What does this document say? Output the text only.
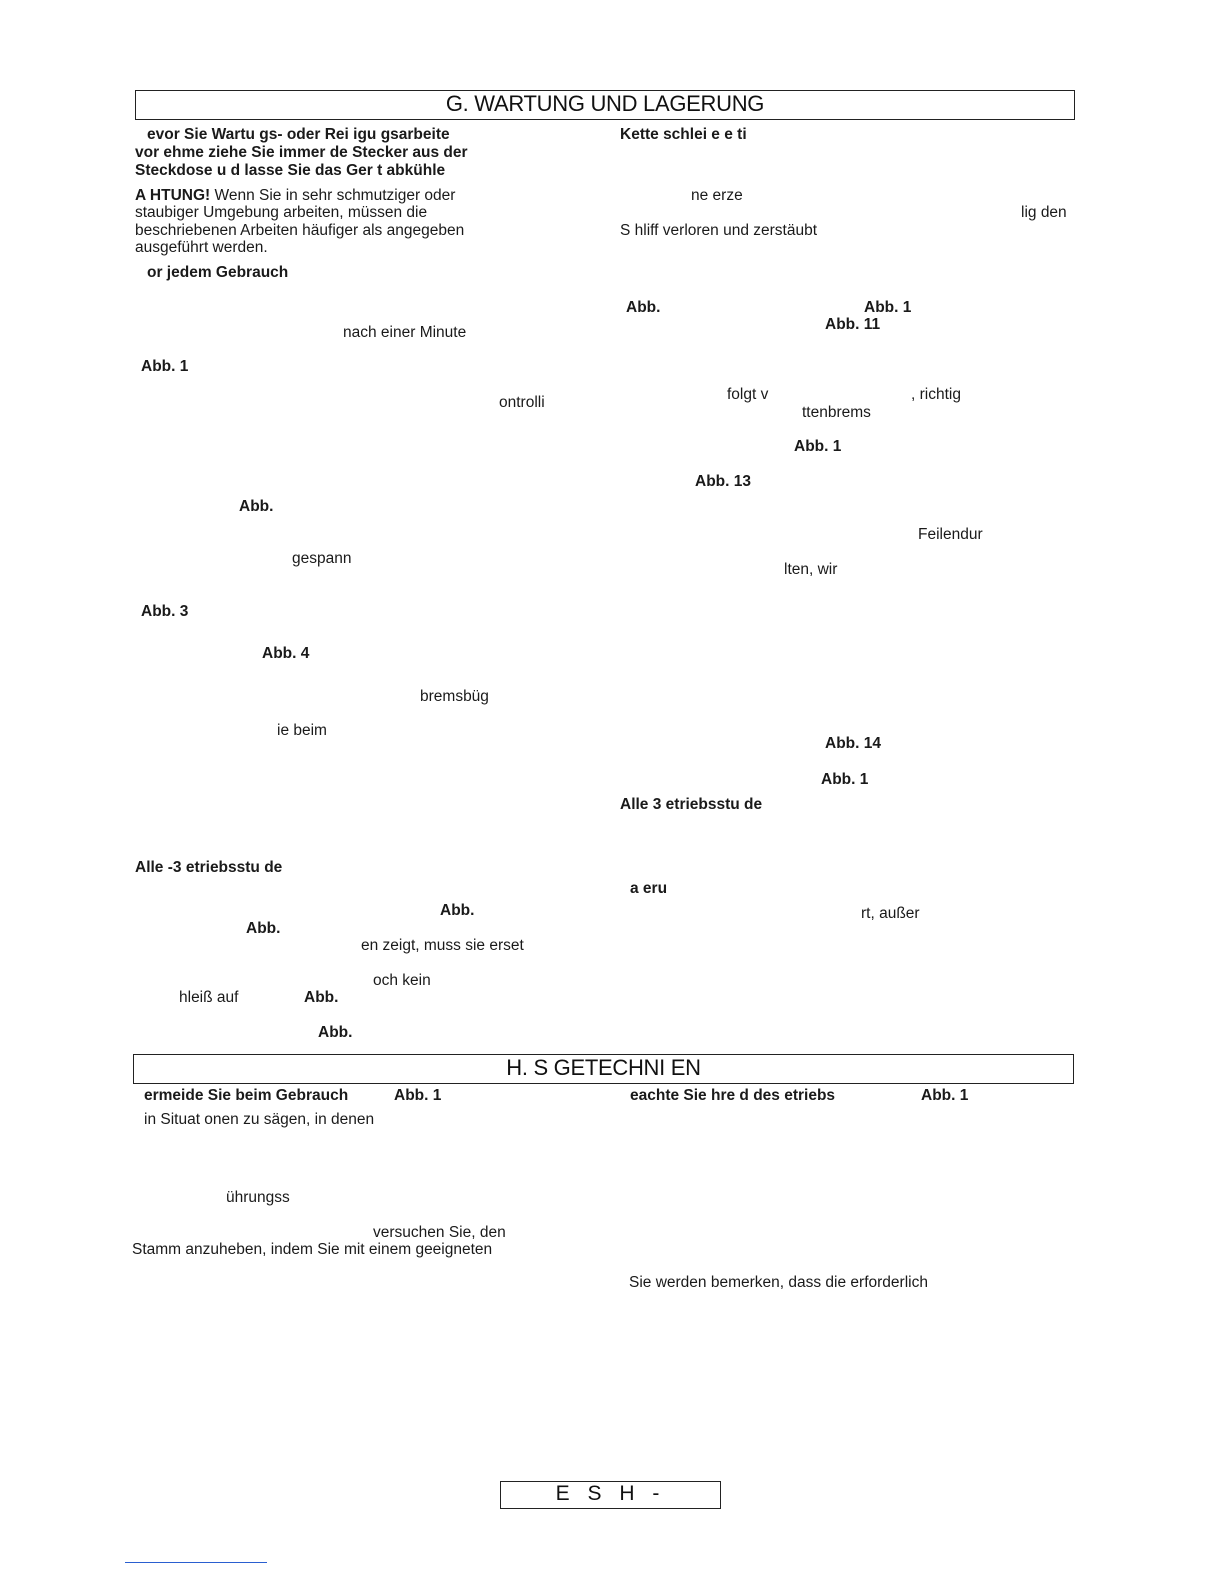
G. WARTUNG UND LAGERUNG
evor Sie Wartu gs- oder Rei igu gsarbeite
vor ehme ziehe Sie immer de Stecker aus der
Steckdose u d lasse Sie das Ger t abkühle
A HTUNG! Wenn Sie in sehr schmutziger oder
staubiger Umgebung arbeiten, müssen die
beschriebenen Arbeiten häufiger als angegeben
ausgeführt werden.
or jedem Gebrauch
nach einer Minute
Abb. 1
ontrolli
Abb.
gespann
Abb. 3
Abb. 4
bremsbüg
ie beim
Alle -3 etriebsstu de
Abb.
Abb.
en zeigt, muss sie erset
och kein
hleiß auf	Abb.
Abb.
Kette schlei e e ti
ne erze
lig den
S hliff verloren und zerstäubt
Abb.	Abb. 1
Abb. 11
folgt v	, richtig
ttenbrems
Abb. 1
Abb. 13
Feilendur
lten, wir
Abb. 14
Abb. 1
Alle 3 etriebsstu de
a eru
rt, außer
H. S GETECHNI EN
ermeide Sie beim Gebrauch	Abb. 1
in Situat onen zu sägen, in denen
ührungss
versuchen Sie, den
Stamm anzuheben, indem Sie mit einem geeigneten
eachte Sie hre d des etriebs	Abb. 1
Sie werden bemerken, dass die erforderlich
E S H -
